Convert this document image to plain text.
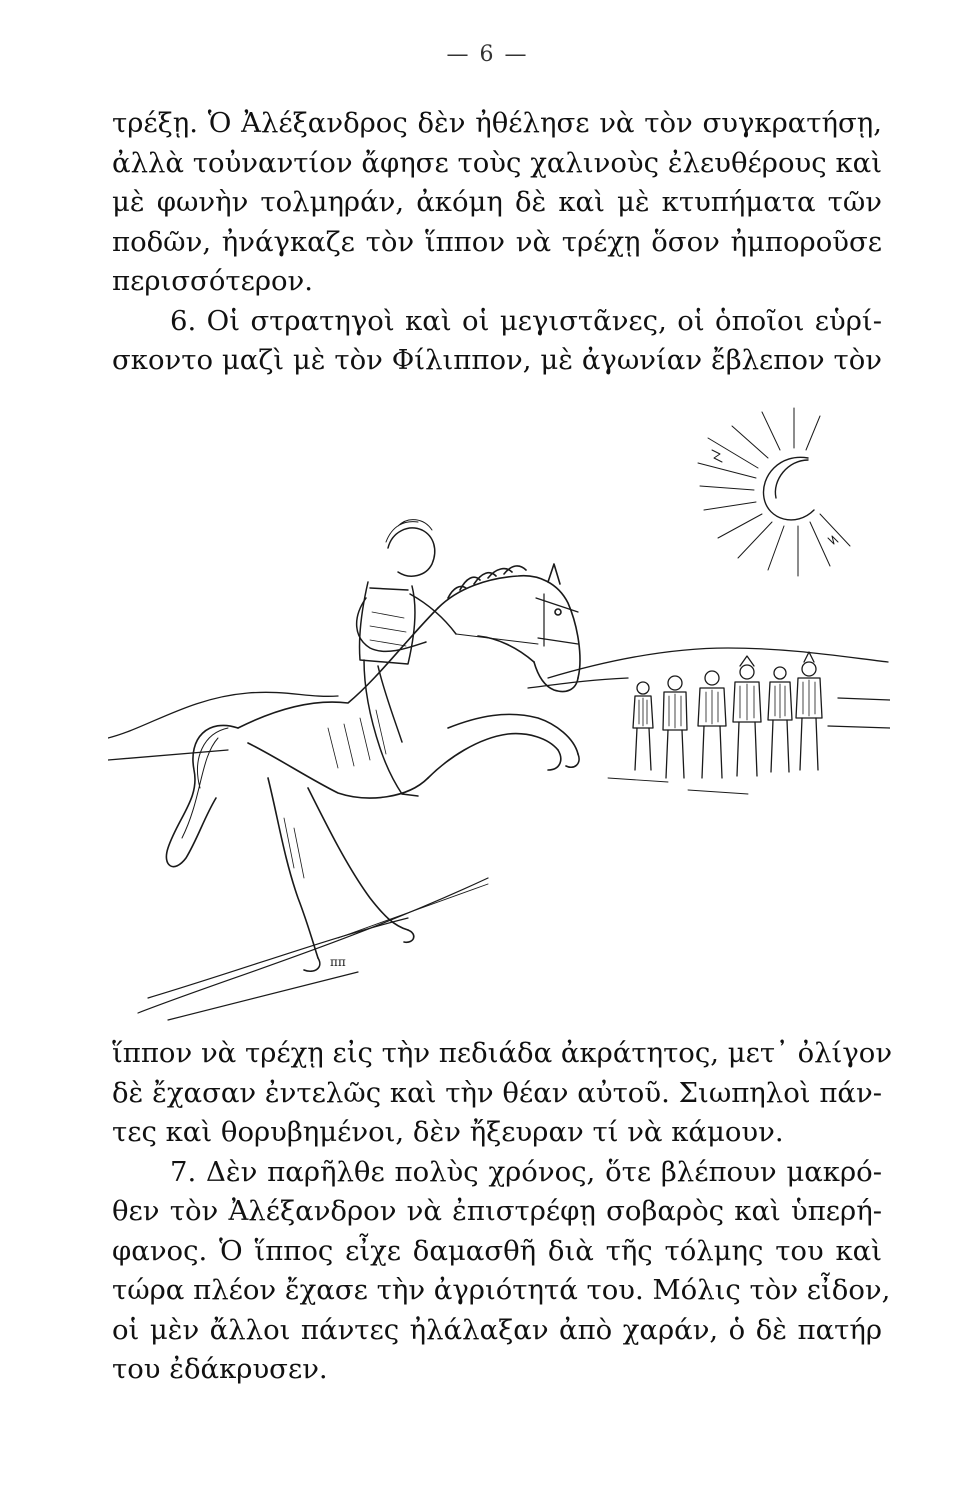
— 6 —
τρέξῃ. Ὁ Ἀλέξανδρος δὲν ἠθέλησε νὰ τὸν συγκρατήσῃ,
ἀλλὰ τοὐναντίον ἄφησε τοὺς χαλινοὺς ἐλευθέρους καὶ
μὲ φωνὴν τολμηράν, ἀκόμη δὲ καὶ μὲ κτυπήματα τῶν
ποδῶν, ἠνάγκαζε τὸν ἵππον νὰ τρέχῃ ὅσον ἠμποροῦσε
περισσότερον.
6. Οἱ στρατηγοὶ καὶ οἱ μεγιστᾶνες, οἱ ὁποῖοι εὑρί-
σκοντο μαζὶ μὲ τὸν Φίλιππον, μὲ ἀγωνίαν ἔβλεπον τὸν
ππ
ἵππον νὰ τρέχῃ εἰς τὴν πεδιάδα ἀκράτητος, μετ᾽ ὀλίγον
δὲ ἔχασαν ἐντελῶς καὶ τὴν θέαν αὐτοῦ. Σιωπηλοὶ πάν-
τες καὶ θορυβημένοι, δὲν ἤξευραν τί νὰ κάμουν.
7. Δὲν παρῆλθε πολὺς χρόνος, ὅτε βλέπουν μακρό-
θεν τὸν Ἀλέξανδρον νὰ ἐπιστρέφῃ σοβαρὸς καὶ ὑπερή-
φανος. Ὁ ἵππος εἶχε δαμασθῆ διὰ τῆς τόλμης του καὶ
τώρα πλέον ἔχασε τὴν ἀγριότητά του. Μόλις τὸν εἶδον,
οἱ μὲν ἄλλοι πάντες ἠλάλαξαν ἀπὸ χαράν, ὁ δὲ πατήρ
του ἐδάκρυσεν.
